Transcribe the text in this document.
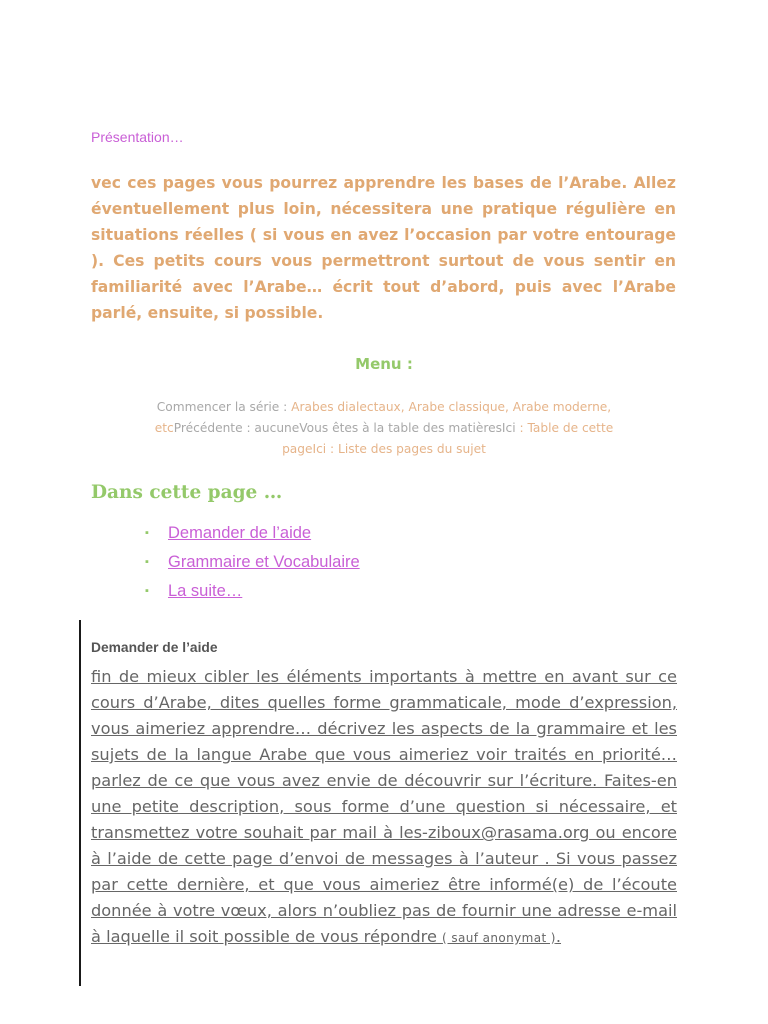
Présentation…

vec ces pages vous pourrez apprendre les bases de l’Arabe. Allez éventuellement plus loin, nécessitera une pratique régulière en situations réelles ( si vous en avez l’occasion par votre entourage ). Ces petits cours vous permettront surtout de vous sentir en familiarité avec l’Arabe… écrit tout d’abord, puis avec l’Arabe parlé, ensuite, si possible.

Menu :

Commencer la série : Arabes dialectaux, Arabe classique, Arabe moderne,
etcPrécédente : aucuneVous êtes à la table des matièresIci : Table de cette
pageIci : Liste des pages du sujet

Dans cette page …

▪ Demander de l’aide
▪ Grammaire et Vocabulaire
▪ La suite…

Demander de l’aide

fin de mieux cibler les éléments importants à mettre en avant sur ce cours d’Arabe, dites quelles forme grammaticale, mode d’expression, vous aimeriez apprendre… décrivez les aspects de la grammaire et les sujets de la langue Arabe que vous aimeriez voir traités en priorité… parlez de ce que vous avez envie de découvrir sur l’écriture. Faites-en une petite description, sous forme d’une question si nécessaire, et transmettez votre souhait par mail à les-ziboux@rasama.org ou encore à l’aide de cette page d’envoi de messages à l’auteur . Si vous passez par cette dernière, et que vous aimeriez être informé(e) de l’écoute donnée à votre vœux, alors n’oubliez pas de fournir une adresse e-mail à laquelle il soit possible de vous répondre ( sauf anonymat ).
